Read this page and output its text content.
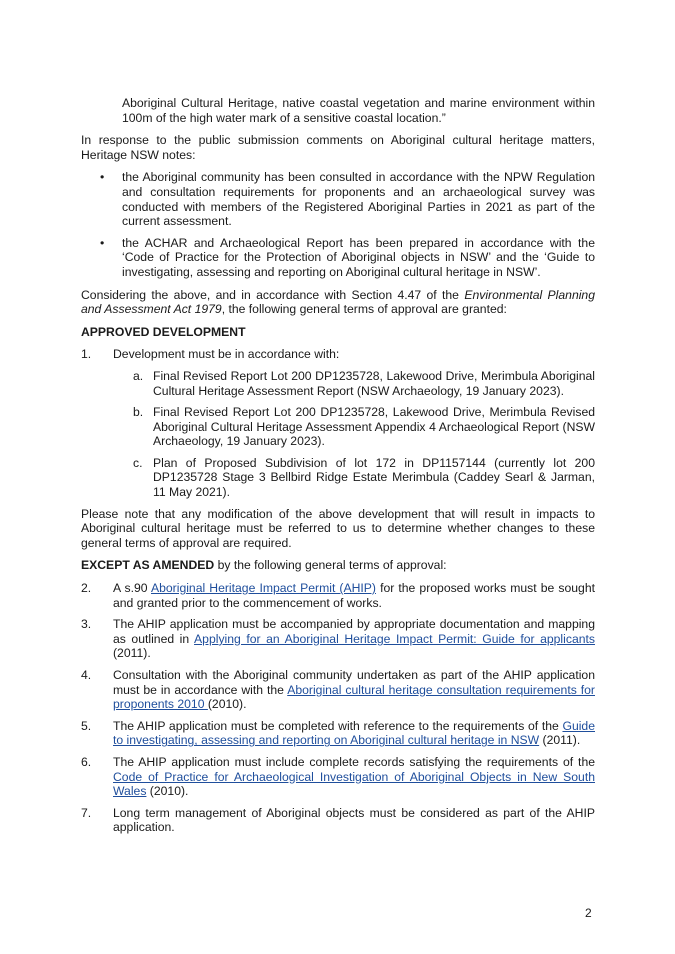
Aboriginal Cultural Heritage, native coastal vegetation and marine environment within 100m of the high water mark of a sensitive coastal location.”

In response to the public submission comments on Aboriginal cultural heritage matters, Heritage NSW notes:

• the Aboriginal community has been consulted in accordance with the NPW Regulation and consultation requirements for proponents and an archaeological survey was conducted with members of the Registered Aboriginal Parties in 2021 as part of the current assessment.
• the ACHAR and Archaeological Report has been prepared in accordance with the ‘Code of Practice for the Protection of Aboriginal objects in NSW’ and the ‘Guide to investigating, assessing and reporting on Aboriginal cultural heritage in NSW’.

Considering the above, and in accordance with Section 4.47 of the Environmental Planning and Assessment Act 1979, the following general terms of approval are granted:

APPROVED DEVELOPMENT

1.	Development must be in accordance with:
a. Final Revised Report Lot 200 DP1235728, Lakewood Drive, Merimbula Aboriginal Cultural Heritage Assessment Report (NSW Archaeology, 19 January 2023).
b. Final Revised Report Lot 200 DP1235728, Lakewood Drive, Merimbula Revised Aboriginal Cultural Heritage Assessment Appendix 4 Archaeological Report (NSW Archaeology, 19 January 2023).
c. Plan of Proposed Subdivision of lot 172 in DP1157144 (currently lot 200 DP1235728 Stage 3 Bellbird Ridge Estate Merimbula (Caddey Searl & Jarman, 11 May 2021).

Please note that any modification of the above development that will result in impacts to Aboriginal cultural heritage must be referred to us to determine whether changes to these general terms of approval are required.

EXCEPT AS AMENDED by the following general terms of approval:

2.	A s.90 Aboriginal Heritage Impact Permit (AHIP) for the proposed works must be sought and granted prior to the commencement of works.
3.	The AHIP application must be accompanied by appropriate documentation and mapping as outlined in Applying for an Aboriginal Heritage Impact Permit: Guide for applicants (2011).
4.	Consultation with the Aboriginal community undertaken as part of the AHIP application must be in accordance with the Aboriginal cultural heritage consultation requirements for proponents 2010 (2010).
5.	The AHIP application must be completed with reference to the requirements of the Guide to investigating, assessing and reporting on Aboriginal cultural heritage in NSW (2011).
6.	The AHIP application must include complete records satisfying the requirements of the Code of Practice for Archaeological Investigation of Aboriginal Objects in New South Wales (2010).
7.	Long term management of Aboriginal objects must be considered as part of the AHIP application.
2
